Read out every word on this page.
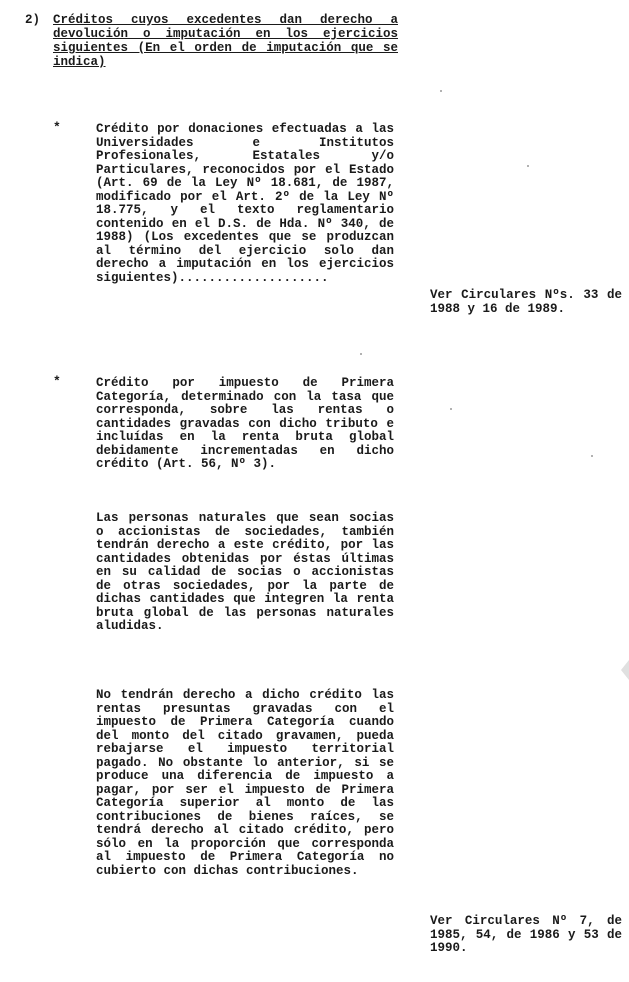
2) Créditos cuyos excedentes dan derecho a devolución o imputación en los ejercicios siguientes (En el orden de imputación que se indica)
*	Crédito por donaciones efectuadas a las Universidades e Institutos Profesionales, Estatales y/o Particulares, reconocidos por el Estado (Art. 69 de la Ley Nº 18.681, de 1987, modificado por el Art. 2º de la Ley Nº 18.775, y el texto reglamentario contenido en el D.S. de Hda. Nº 340, de 1988) (Los excedentes que se produzcan al término del ejercicio solo dan derecho a imputación en los ejercicios siguientes)....................

Ver Circulares Nºs. 33 de 1988 y 16 de 1989.

*	Crédito por impuesto de Primera Categoría, determinado con la tasa que corresponda, sobre las rentas o cantidades gravadas con dicho tributo e incluídas en la renta bruta global debidamente incrementadas en dicho crédito (Art. 56, Nº 3).

Las personas naturales que sean socias o accionistas de sociedades, también tendrán derecho a este crédito, por las cantidades obtenidas por éstas últimas en su calidad de socias o accionistas de otras sociedades, por la parte de dichas cantidades que integren la renta bruta global de las personas naturales aludidas.

No tendrán derecho a dicho crédito las rentas presuntas gravadas con el impuesto de Primera Categoría cuando del monto del citado gravamen, pueda rebajarse el impuesto territorial pagado. No obstante lo anterior, si se produce una diferencia de impuesto a pagar, por ser el impuesto de Primera Categoría superior al monto de las contribuciones de bienes raíces, se tendrá derecho al citado crédito, pero sólo en la proporción que corresponda al impuesto de Primera Categoría no cubierto con dichas contribuciones.

Ver Circulares Nº 7, de 1985, 54, de 1986 y 53 de 1990.
